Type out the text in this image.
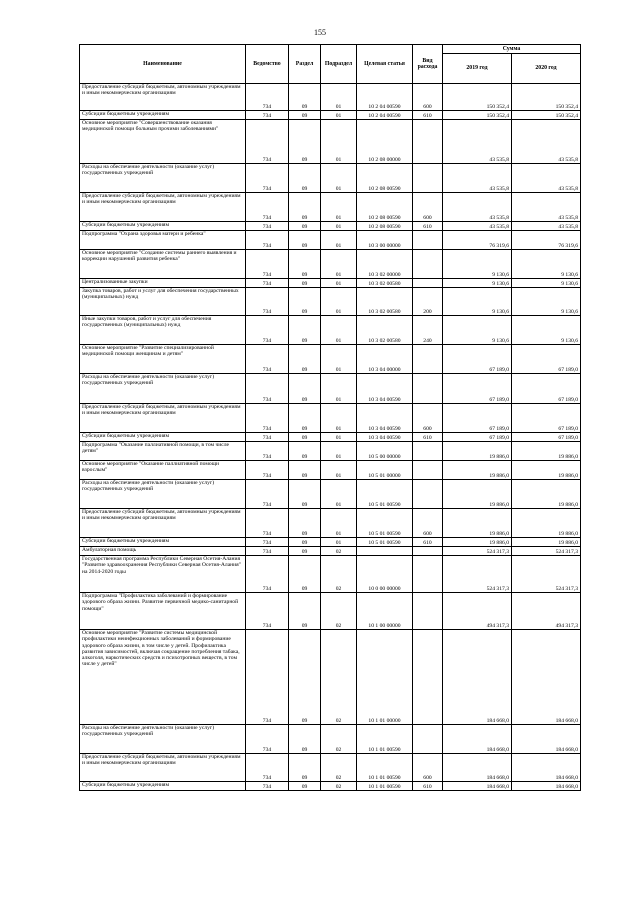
155
Наименование	Ведомство	Раздел	Подраздел	Целевая статья	Вид расхода	Сумма	
						2019 год	2020 год
Предоставление субсидий бюджетным, автономным учреждениям и иным некоммерческим организациям	734	09	01	10 2 04 00590	600	150 352,4	150 352,4
Субсидии бюджетным учреждениям	734	09	01	10 2 04 00590	610	150 352,4	150 352,4
Основное мероприятие "Совершенствование оказания медицинской помощи больным прочими заболеваниями"	734	09	01	10 2 08 00000		43 535,8	43 535,8
Расходы на обеспечение деятельности (оказание услуг) государственных учреждений	734	09	01	10 2 08 00590		43 535,8	43 535,8
Предоставление субсидий бюджетным, автономным учреждениям и иным некоммерческим организациям	734	09	01	10 2 08 00590	600	43 535,8	43 535,8
Субсидии бюджетным учреждениям	734	09	01	10 2 08 00590	610	43 535,8	43 535,8
Подпрограмма "Охрана здоровья матери и ребенка"	734	09	01	10 3 00 00000		76 319,6	76 319,6
Основное мероприятие "Создание системы раннего выявления и коррекции нарушений развития ребенка"	734	09	01	10 3 02 00000		9 130,6	9 130,6
Централизованные закупки	734	09	01	10 3 02 00580		9 130,6	9 130,6
Закупка товаров, работ и услуг для обеспечения государственных (муниципальных) нужд	734	09	01	10 3 02 00580	200	9 130,6	9 130,6
Иные закупки товаров, работ и услуг для обеспечения государственных (муниципальных) нужд	734	09	01	10 3 02 00580	240	9 130,6	9 130,6
Основное мероприятие "Развитие специализированной медицинской помощи женщинам и детям"	734	09	01	10 3 04 00000		67 189,0	67 189,0
Расходы на обеспечение деятельности (оказание услуг) государственных учреждений	734	09	01	10 3 04 00590		67 189,0	67 189,0
Предоставление субсидий бюджетным, автономным учреждениям и иным некоммерческим организациям	734	09	01	10 3 04 00590	600	67 189,0	67 189,0
Субсидии бюджетным учреждениям	734	09	01	10 3 04 00590	610	67 189,0	67 189,0
Подпрограмма "Оказание паллиативной помощи, в том числе детям"	734	09	01	10 5 00 00000		19 886,0	19 886,0
Основное мероприятие "Оказание паллиативной помощи взрослым"	734	09	01	10 5 01 00000		19 886,0	19 886,0
Расходы на обеспечение деятельности (оказание услуг) государственных учреждений	734	09	01	10 5 01 00590		19 886,0	19 886,0
Предоставление субсидий бюджетным, автономным учреждениям и иным некоммерческим организациям	734	09	01	10 5 01 00590	600	19 886,0	19 886,0
Субсидии бюджетным учреждениям	734	09	01	10 5 01 00590	610	19 886,0	19 886,0
Амбулаторная помощь	734	09	02			524 317,3	524 317,3
Государственная программа Республики Северная Осетия-Алания "Развитие здравоохранения Республики Северная Осетия-Алания" на 2014-2020 годы	734	09	02	10 0 00 00000		524 317,3	524 317,3
Подпрограмма "Профилактика заболеваний и формирование здорового образа жизни. Развитие первичной медико-санитарной помощи"	734	09	02	10 1 00 00000		494 317,3	494 317,3
Основное мероприятие "Развитие системы медицинской профилактики неинфекционных заболеваний и формирование здорового образа жизни, в том числе у детей. Профилактика развития зависимостей, включая сокращение потребления табака, алкоголя, наркотических средств и психотропных веществ, в том числе у детей"	734	09	02	10 1 01 00000		184 668,0	184 668,0
Расходы на обеспечение деятельности (оказание услуг) государственных учреждений	734	09	02	10 1 01 00590		184 668,0	184 668,0
Предоставление субсидий бюджетным, автономным учреждениям и иным некоммерческим организациям	734	09	02	10 1 01 00590	600	184 668,0	184 668,0
Субсидии бюджетным учреждениям	734	09	02	10 1 01 00590	610	184 668,0	184 668,0
